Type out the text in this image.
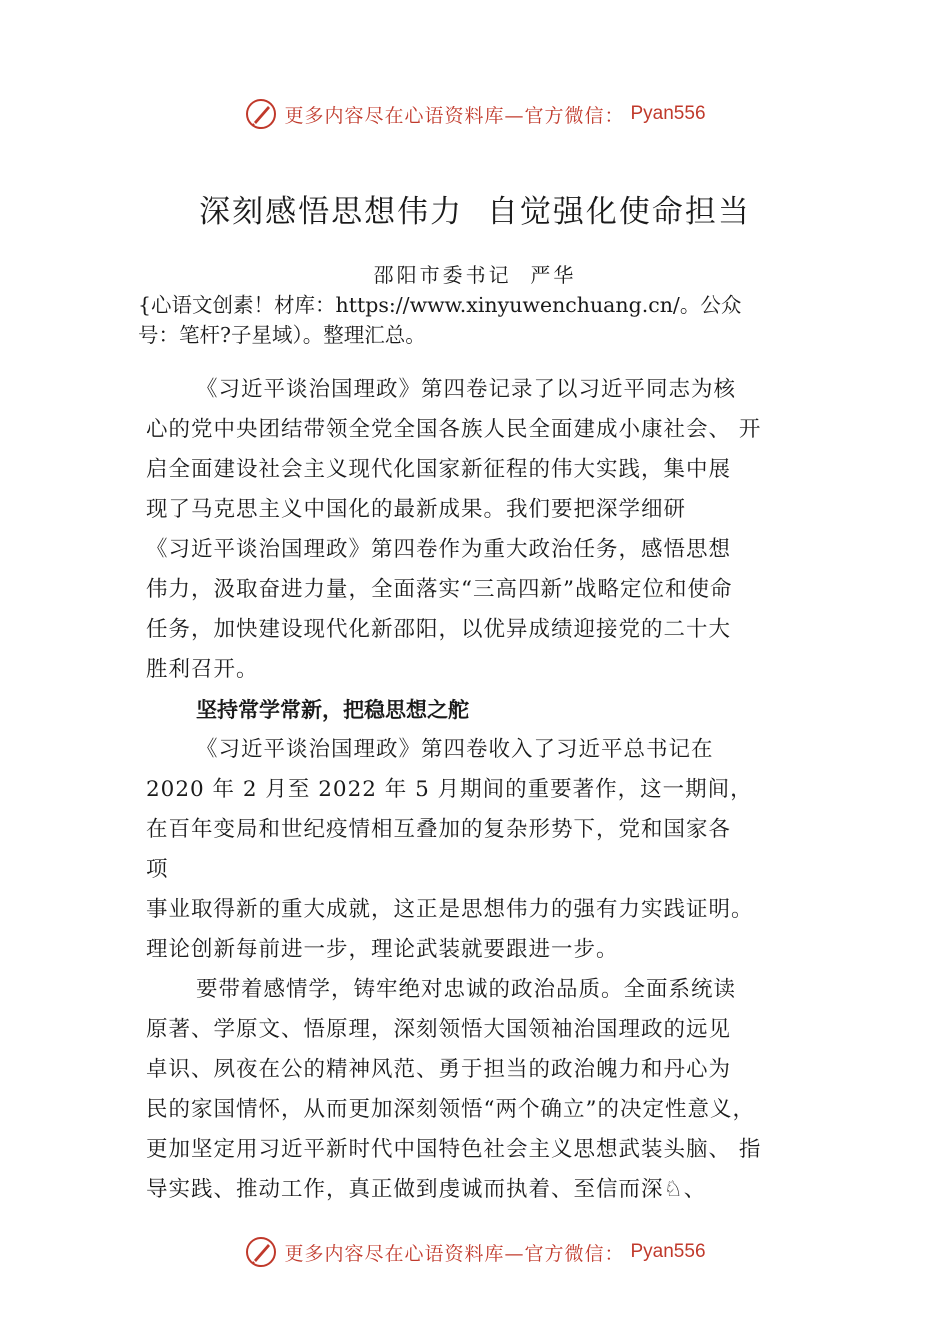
更多内容尽在心语资料库—官方微信： Pyan556
深刻感悟思想伟力  自觉强化使命担当
邵阳市委书记  严华

{心语文创素！材库：https://www.xinyuwenchuang.cn/。公众
号：笔杆?子星域）。整理汇总。

《习近平谈治国理政》第四卷记录了以习近平同志为核
心的党中央团结带领全党全国各族人民全面建成小康社会、 开
启全面建设社会主义现代化国家新征程的伟大实践，集中展
现了马克思主义中国化的最新成果。我们要把深学细研
《习近平谈治国理政》第四卷作为重大政治任务，感悟思想
伟力，汲取奋进力量，全面落实“三高四新”战略定位和使命
任务，加快建设现代化新邵阳，以优异成绩迎接党的二十大
胜利召开。

坚持常学常新，把稳思想之舵

《习近平谈治国理政》第四卷收入了习近平总书记在
2020 年 2 月至 2022 年 5 月期间的重要著作，这一期间，
在百年变局和世纪疫情相互叠加的复杂形势下，党和国家各
项
事业取得新的重大成就，这正是思想伟力的强有力实践证明。
理论创新每前进一步，理论武装就要跟进一步。

要带着感情学，铸牢绝对忠诚的政治品质。全面系统读
原著、学原文、悟原理，深刻领悟大国领袖治国理政的远见
卓识、夙夜在公的精神风范、勇于担当的政治魄力和丹心为
民的家国情怀，从而更加深刻领悟“两个确立”的决定性意义，
更加坚定用习近平新时代中国特色社会主义思想武装头脑、 指
导实践、推动工作，真正做到虔诚而执着、至信而深♘、

更多内容尽在心语资料库—官方微信： Pyan556
